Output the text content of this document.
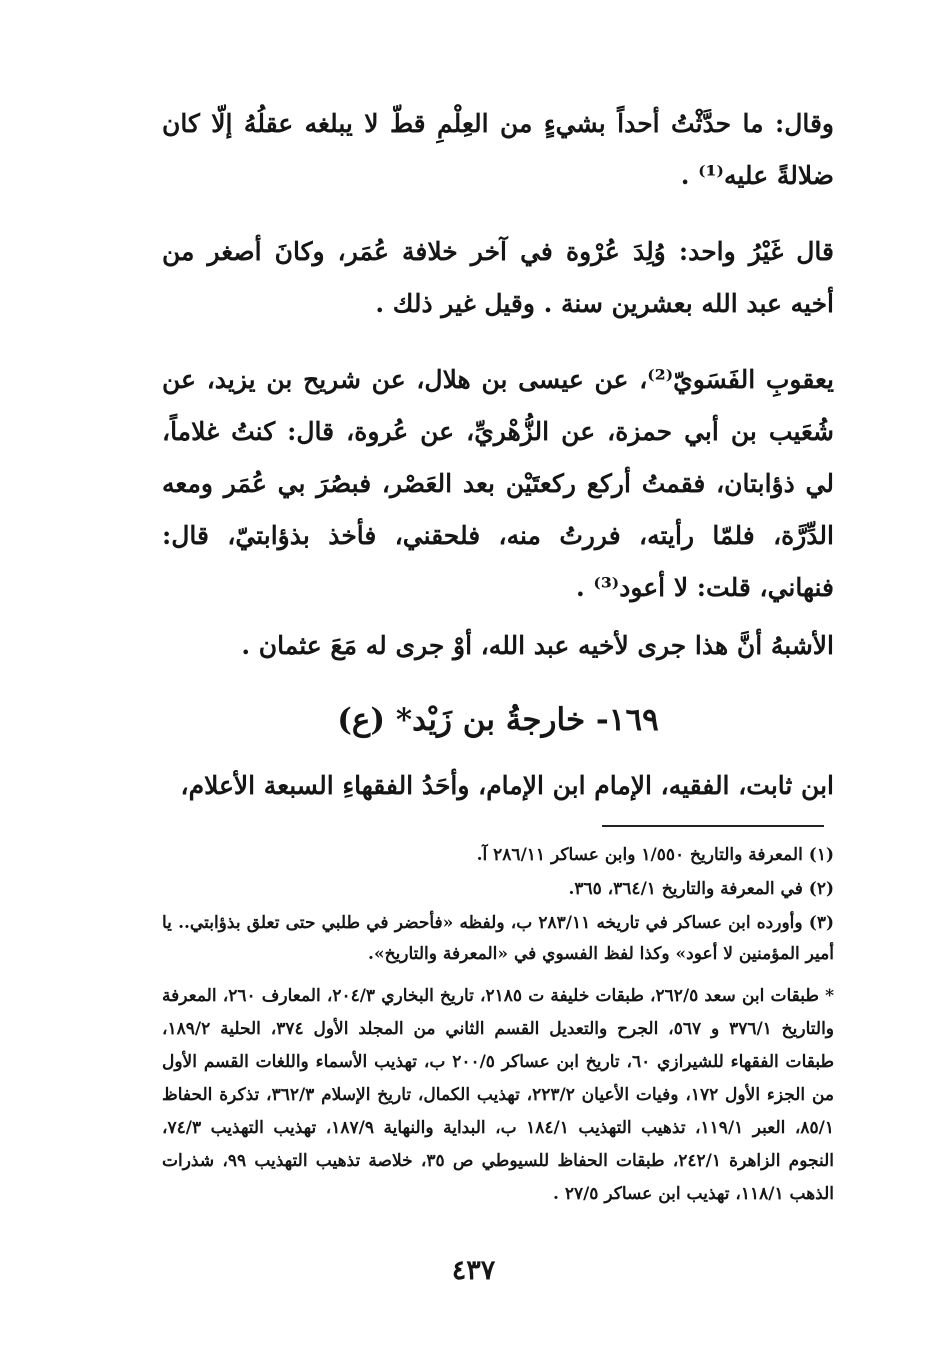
وقال: ما حدَّثْتُ أحداً بشيءٍ من العِلْمِ قطّ لا يبلغه عقلُهُ إلّا كان ضلالةً عليه⁽¹⁾ .

قال غَيْرُ واحد: وُلِدَ عُرْوة في آخر خلافة عُمَر، وكانَ أصغر من أخيه عبد الله بعشرين سنة . وقيل غير ذلك .

يعقوبِ الفَسَويّ⁽²⁾، عن عيسى بن هلال، عن شريح بن يزيد، عن شُعَيب بن أبي حمزة، عن الزُّهْريِّ، عن عُروة، قال: كنتُ غلاماً، لي ذؤابتان، فقمتُ أركع ركعتَيْن بعد العَصْر، فبصُرَ بي عُمَر ومعه الدِّرَّة، فلمّا رأيته، فررتُ منه، فلحقني، فأخذ بذؤابتيّ، قال: فنهاني، قلت: لا أعود⁽³⁾ .

الأشبهُ أنَّ هذا جرى لأخيه عبد الله، أوْ جرى له مَعَ عثمان .

١٦٩- خارجةُ بن زَيْد* (ع)

ابن ثابت، الفقيه، الإمام ابن الإمام، وأحَدُ الفقهاءِ السبعة الأعلام،

(١) المعرفة والتاريخ ١/٥٥٠ وابن عساكر ٢٨٦/١١ آ.

(٢) في المعرفة والتاريخ ٣٦٤/١، ٣٦٥.

(٣) وأورده ابن عساكر في تاريخه ٢٨٣/١١ ب، ولفظه «فأحضر في طلبي حتى تعلق بذؤابتي.. يا أمير المؤمنين لا أعود» وكذا لفظ الفسوي في «المعرفة والتاريخ».

* طبقات ابن سعد ٢٦٢/٥، طبقات خليفة ت ٢١٨٥، تاريخ البخاري ٢٠٤/٣، المعارف ٢٦٠، المعرفة والتاريخ ٣٧٦/١ و ٥٦٧، الجرح والتعديل القسم الثاني من المجلد الأول ٣٧٤، الحلية ١٨٩/٢، طبقات الفقهاء للشيرازي ٦٠، تاريخ ابن عساكر ٢٠٠/٥ ب، تهذيب الأسماء واللغات القسم الأول من الجزء الأول ١٧٢، وفيات الأعيان ٢٢٣/٢، تهذيب الكمال، تاريخ الإسلام ٣٦٢/٣، تذكرة الحفاظ ٨٥/١، العبر ١١٩/١، تذهيب التهذيب ١٨٤/١ ب، البداية والنهاية ١٨٧/٩، تهذيب التهذيب ٧٤/٣، النجوم الزاهرة ٢٤٢/١، طبقات الحفاظ للسيوطي ص ٣٥، خلاصة تذهيب التهذيب ٩٩، شذرات الذهب ١١٨/١، تهذيب ابن عساكر ٢٧/٥ .

٤٣٧
